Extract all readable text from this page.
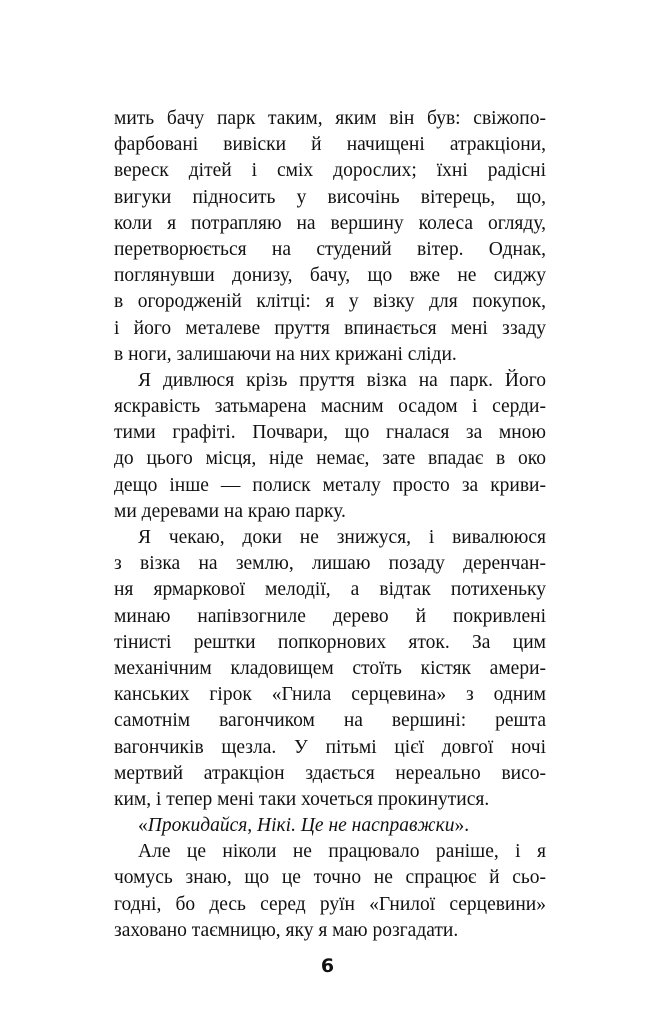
мить бачу парк таким, яким він був: свіжопо-
фарбовані вивіски й начищені атракціони,
вереск дітей і сміх дорослих; їхні радісні
вигуки підносить у височінь вітерець, що,
коли я потрапляю на вершину колеса огляду,
перетворюється на студений вітер. Однак,
поглянувши донизу, бачу, що вже не сиджу
в огородженій клітці: я у візку для покупок,
і його металеве пруття впинається мені ззаду
в ноги, залишаючи на них крижані сліди.
Я дивлюся крізь пруття візка на парк. Його
яскравість затьмарена масним осадом і серди-
тими графіті. Почвари, що гналася за мною
до цього місця, ніде немає, зате впадає в око
дещо інше — полиск металу просто за криви-
ми деревами на краю парку.
Я чекаю, доки не знижуся, і вивалююся
з візка на землю, лишаю позаду деренчан-
ня ярмаркової мелодії, а відтак потихеньку
минаю напівзогниле дерево й покривлені
тінисті рештки попкорнових яток. За цим
механічним кладовищем стоїть кістяк амери-
канських гірок «Гнила серцевина» з одним
самотнім вагончиком на вершині: решта
вагончиків щезла. У пітьмі цієї довгої ночі
мертвий атракціон здається нереально висо-
ким, і тепер мені таки хочеться прокинутися.
«Прокидайся, Нікі. Це не насправжки».
Але це ніколи не працювало раніше, і я
чомусь знаю, що це точно не спрацює й сьо-
годні, бо десь серед руїн «Гнилої серцевини»
заховано таємницю, яку я маю розгадати.
6
